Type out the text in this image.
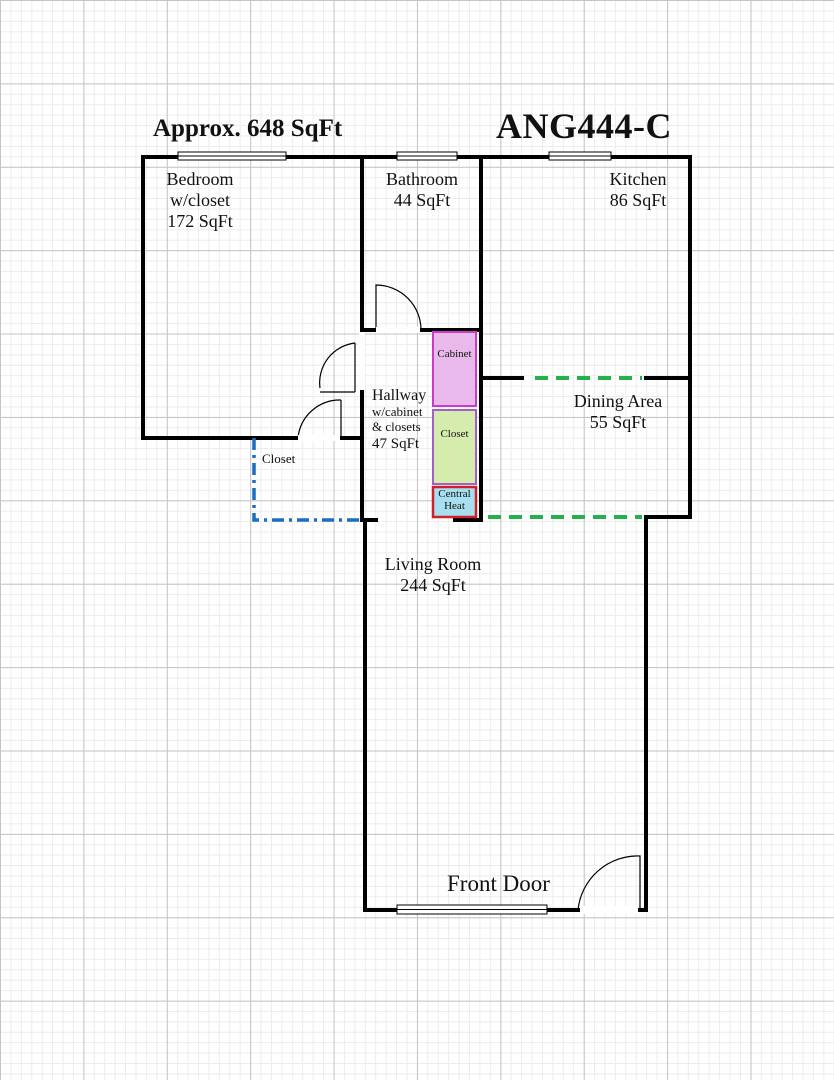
Approx. 648 SqFt	ANG444-C
Bedroom
w/closet
172 SqFt
Bathroom
44 SqFt
Kitchen
86 SqFt
Dining Area
55 SqFt
Hallway
w/cabinet
& closets
47 SqFt
Closet
Cabinet
Closet
Central
Heat
Living Room
244 SqFt
Front Door
